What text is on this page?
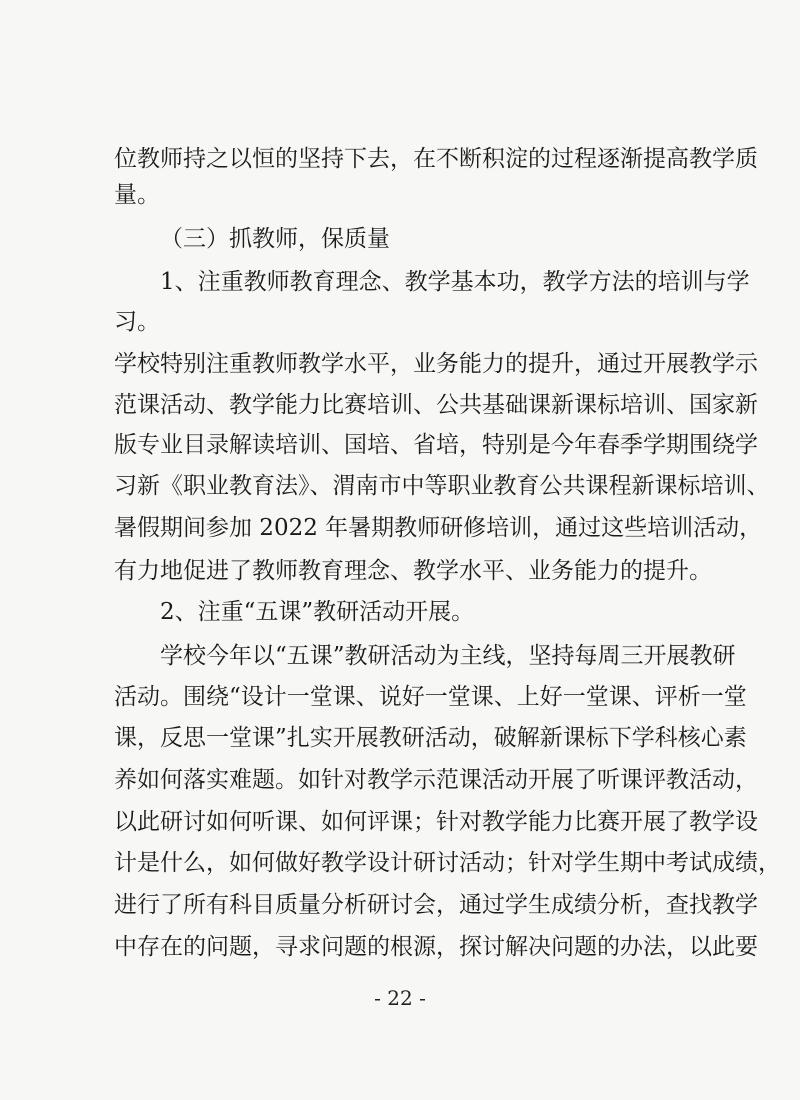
位教师持之以恒的坚持下去，在不断积淀的过程逐渐提高教学质
量。
（三）抓教师，保质量
1、注重教师教育理念、教学基本功，教学方法的培训与学
习。
学校特别注重教师教学水平，业务能力的提升，通过开展教学示
范课活动、教学能力比赛培训、公共基础课新课标培训、国家新
版专业目录解读培训、国培、省培，特别是今年春季学期围绕学
习新《职业教育法》、渭南市中等职业教育公共课程新课标培训、
暑假期间参加 2022 年暑期教师研修培训，通过这些培训活动，
有力地促进了教师教育理念、教学水平、业务能力的提升。
2、注重“五课”教研活动开展。
学校今年以“五课”教研活动为主线，坚持每周三开展教研
活动。围绕“设计一堂课、说好一堂课、上好一堂课、评析一堂
课，反思一堂课”扎实开展教研活动，破解新课标下学科核心素
养如何落实难题。如针对教学示范课活动开展了听课评教活动，
以此研讨如何听课、如何评课；针对教学能力比赛开展了教学设
计是什么，如何做好教学设计研讨活动；针对学生期中考试成绩，
进行了所有科目质量分析研讨会，通过学生成绩分析，查找教学
中存在的问题，寻求问题的根源，探讨解决问题的办法，以此要
- 22 -
